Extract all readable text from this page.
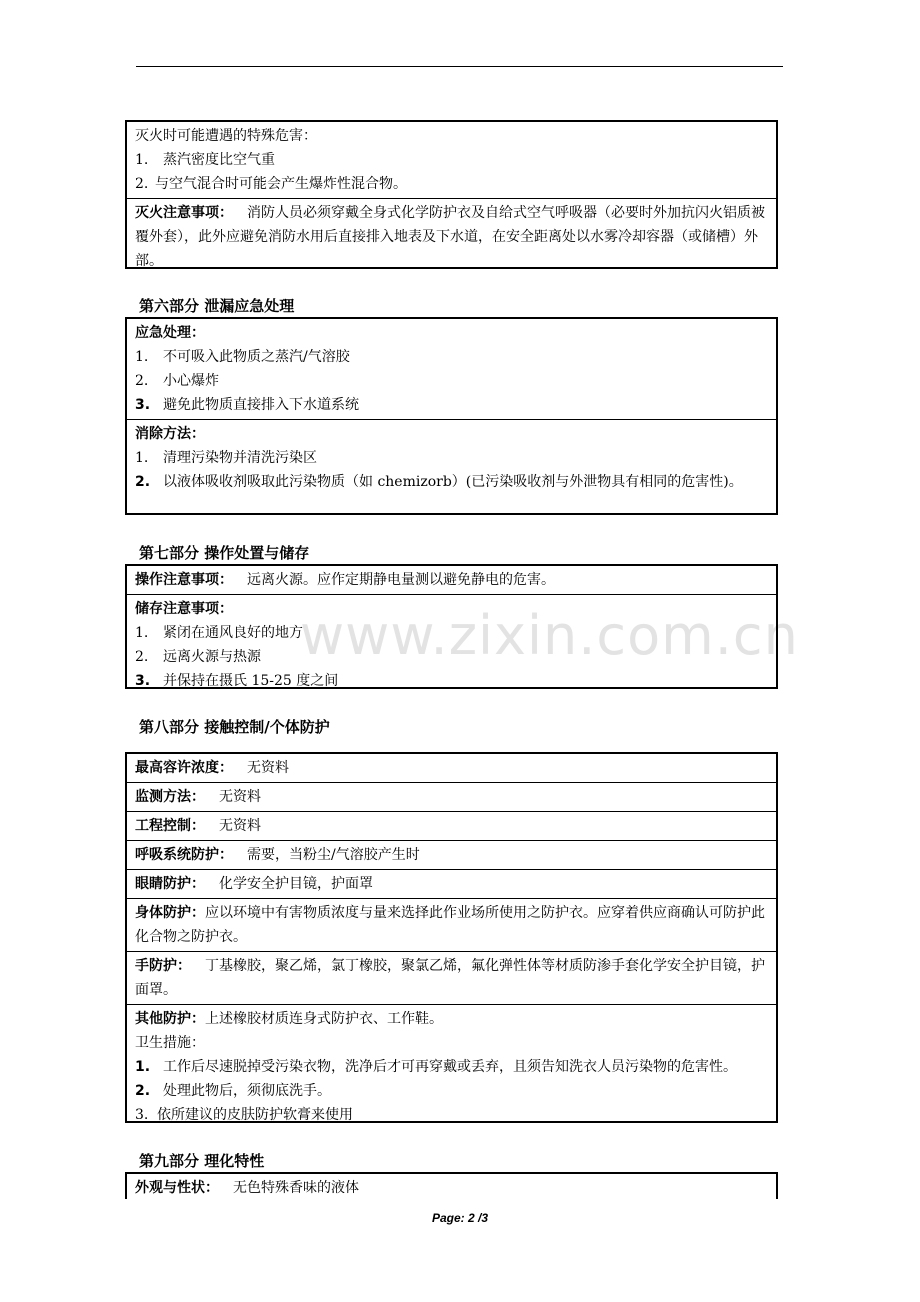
www.zixin.com.cn
灭火时可能遭遇的特殊危害：
1.	蒸汽密度比空气重
2. 与空气混合时可能会产生爆炸性混合物。
灭火注意事项： 消防人员必须穿戴全身式化学防护衣及自给式空气呼吸器（必要时外加抗闪火铝质被覆外套），此外应避免消防水用后直接排入地表及下水道，在安全距离处以水雾冷却容器（或储槽）外部。
第六部分 泄漏应急处理
应急处理：
1.	不可吸入此物质之蒸汽/气溶胶
2.	小心爆炸
3. 避免此物质直接排入下水道系统
消除方法：
1.	清理污染物并清洗污染区
2. 以液体吸收剂吸取此污染物质（如 chemizorb）(已污染吸收剂与外泄物具有相同的危害性)。
第七部分 操作处置与储存
操作注意事项： 远离火源。应作定期静电量测以避免静电的危害。
储存注意事项：
1.	紧闭在通风良好的地方
2.	远离火源与热源
3. 并保持在摄氏 15-25 度之间
第八部分 接触控制/个体防护
最高容许浓度： 无资料
监测方法： 无资料
工程控制： 无资料
呼吸系统防护： 需要，当粉尘/气溶胶产生时
眼睛防护： 化学安全护目镜，护面罩
身体防护：应以环境中有害物质浓度与量来选择此作业场所使用之防护衣。应穿着供应商确认可防护此化合物之防护衣。
手防护： 丁基橡胶，聚乙烯，氯丁橡胶，聚氯乙烯，氟化弹性体等材质防渗手套化学安全护目镜，护面罩。
其他防护：上述橡胶材质连身式防护衣、工作鞋。
卫生措施：
1. 工作后尽速脱掉受污染衣物，洗净后才可再穿戴或丢弃，且须告知洗衣人员污染物的危害性。
2. 处理此物后，须彻底洗手。
3. 依所建议的皮肤防护软膏来使用
第九部分 理化特性
外观与性状： 无色特殊香味的液体
Page: 2 /3
